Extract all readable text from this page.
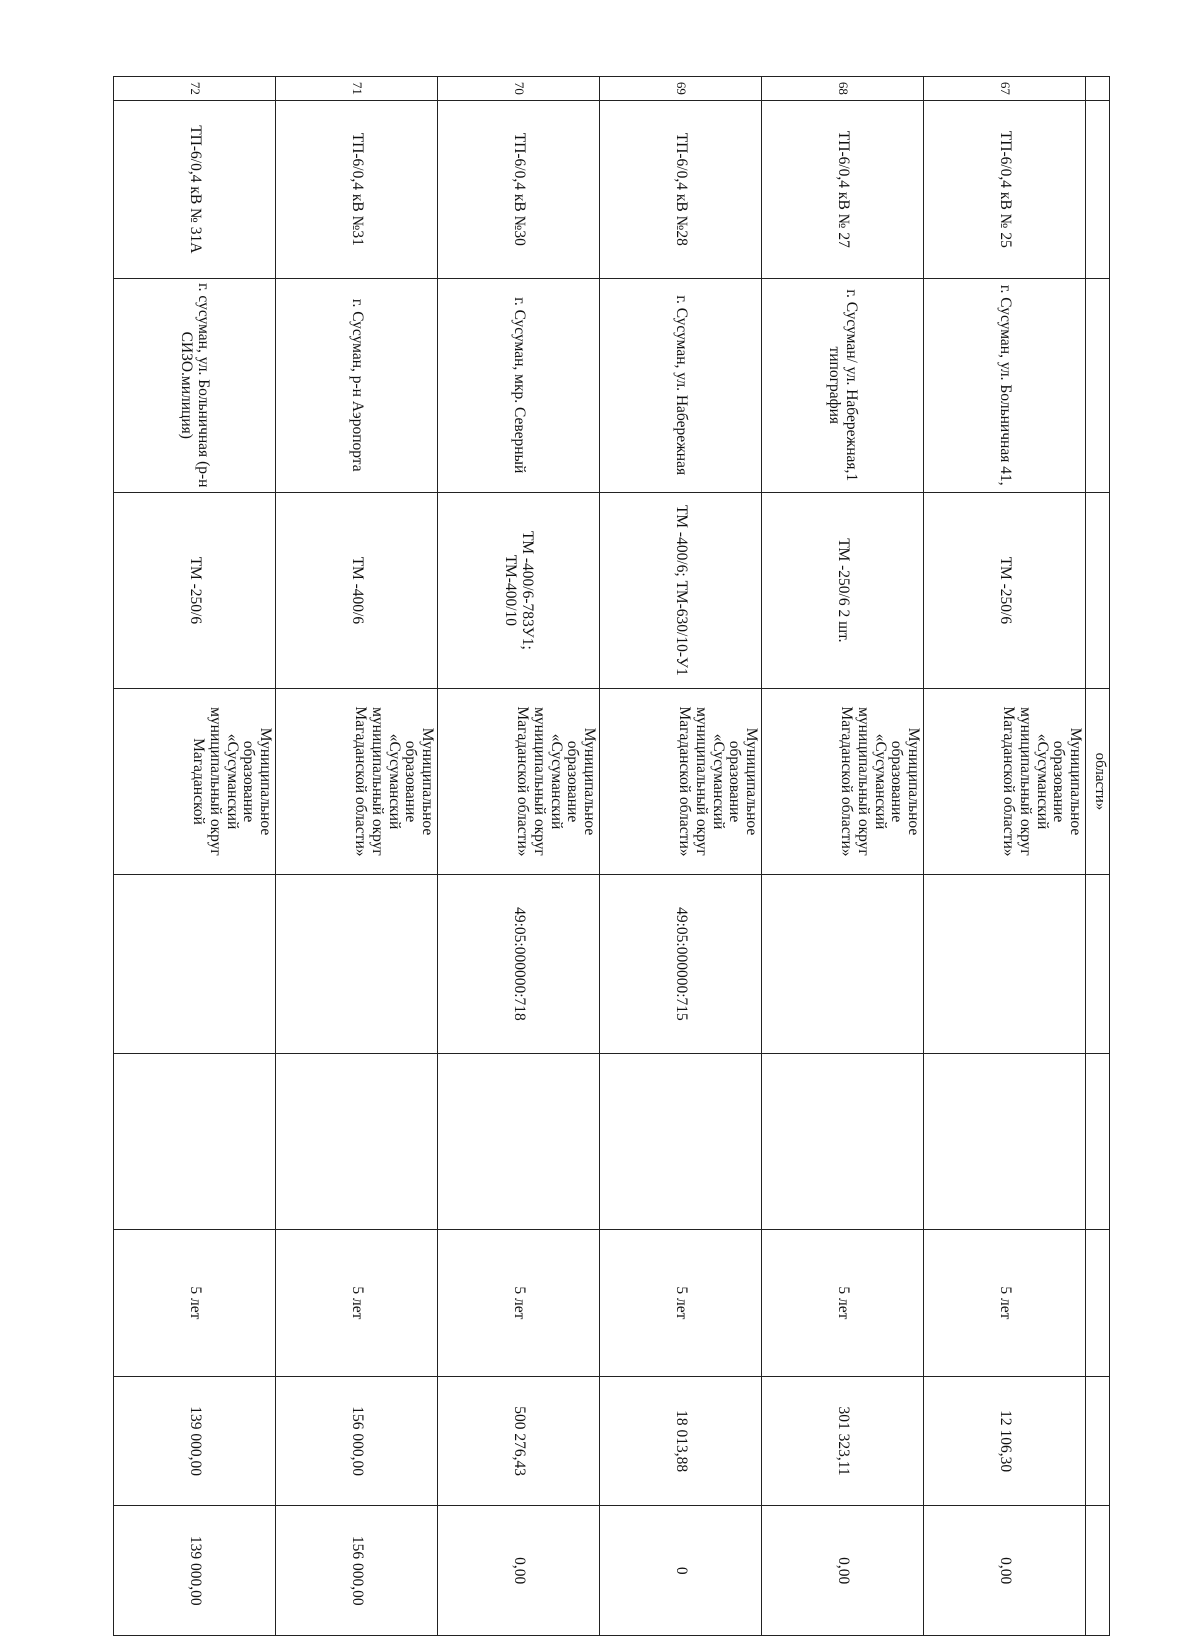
				области»					
67	ТП-6/0,4 кВ № 25	г. Сусуман, ул. Больничная 41,	ТМ -250/6	Муниципальное образование «Сусуманский муниципальный округ Магаданской области»			5 лет	12 106,30	0,00
68	ТП-6/0,4 кВ № 27	г. Сусуман/ ул. Набережная,1 типография	ТМ -250/6 2 шт.	Муниципальное образование «Сусуманский муниципальный округ Магаданской области»			5 лет	301 323,11	0,00
69	ТП-6/0,4 кВ №28	г. Сусуман, ул. Набережная	ТМ -400/6; ТМ-630/10-У1	Муниципальное образование «Сусуманский муниципальный округ Магаданской области»	49:05:000000:715		5 лет	18 013,88	0
70	ТП-6/0,4 кВ №30	г. Сусуман, мкр. Северный	ТМ -400/6-783У1; ТМ-400/10	Муниципальное образование «Сусуманский муниципальный округ Магаданской области»	49:05:000000:718		5 лет	500 276,43	0,00
71	ТП-6/0,4 кВ №31	г. Сусуман, р-н Аэропорта	ТМ -400/6	Муниципальное образование «Сусуманский муниципальный округ Магаданской области»			5 лет	156 000,00	156 000,00
72	ТП-6/0,4 кВ № 31А	г. сусуман, ул. Больничная (р-н СИЗО.милиция)	ТМ -250/6	Муниципальное образование «Сусуманский муниципальный округ Магаданской			5 лет	139 000,00	139 000,00
